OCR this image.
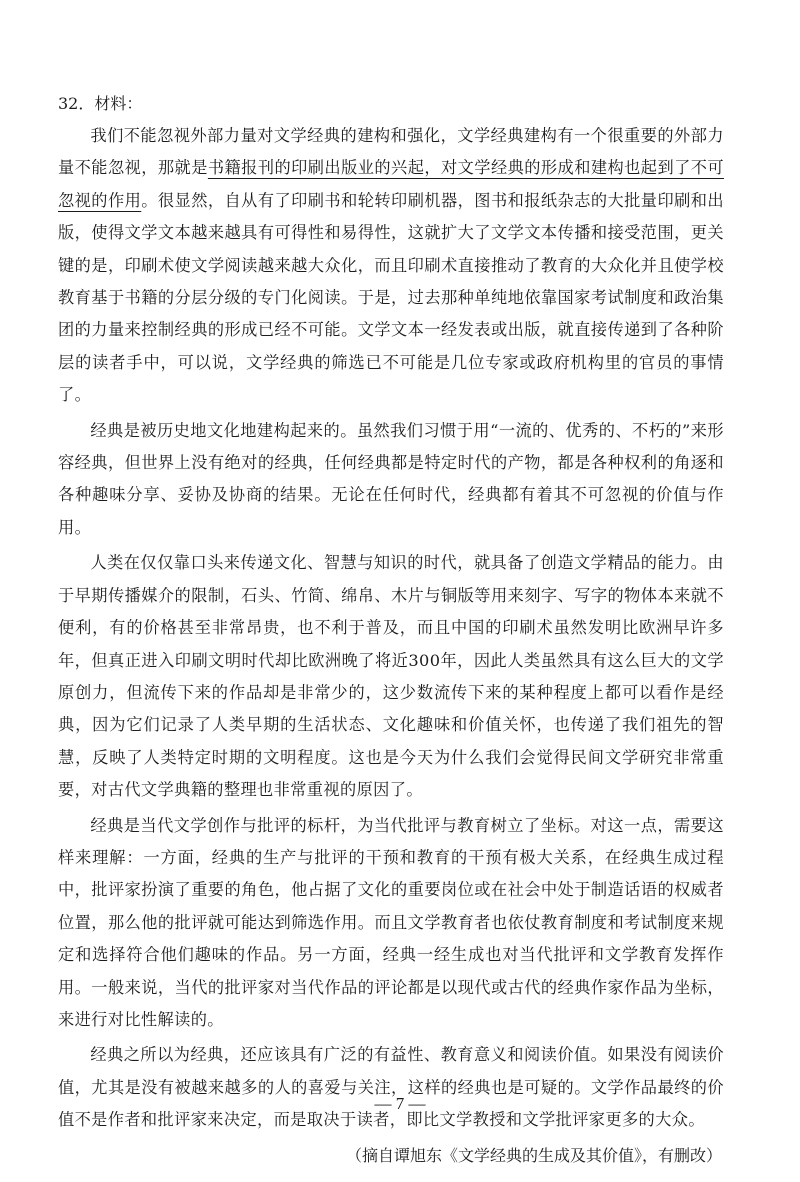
32．材料：

我们不能忽视外部力量对文学经典的建构和强化，文学经典建构有一个很重要的外部力量不能忽视，那就是书籍报刊的印刷出版业的兴起，对文学经典的形成和建构也起到了不可忽视的作用。很显然，自从有了印刷书和轮转印刷机器，图书和报纸杂志的大批量印刷和出版，使得文学文本越来越具有可得性和易得性，这就扩大了文学文本传播和接受范围，更关键的是，印刷术使文学阅读越来越大众化，而且印刷术直接推动了教育的大众化并且使学校教育基于书籍的分层分级的专门化阅读。于是，过去那种单纯地依靠国家考试制度和政治集团的力量来控制经典的形成已经不可能。文学文本一经发表或出版，就直接传递到了各种阶层的读者手中，可以说，文学经典的筛选已不可能是几位专家或政府机构里的官员的事情了。

经典是被历史地文化地建构起来的。虽然我们习惯于用“一流的、优秀的、不朽的”来形容经典，但世界上没有绝对的经典，任何经典都是特定时代的产物，都是各种权利的角逐和各种趣味分享、妥协及协商的结果。无论在任何时代，经典都有着其不可忽视的价值与作用。

人类在仅仅靠口头来传递文化、智慧与知识的时代，就具备了创造文学精品的能力。由于早期传播媒介的限制，石头、竹简、绵帛、木片与铜版等用来刻字、写字的物体本来就不便利，有的价格甚至非常昂贵，也不利于普及，而且中国的印刷术虽然发明比欧洲早许多年，但真正进入印刷文明时代却比欧洲晚了将近300年，因此人类虽然具有这么巨大的文学原创力，但流传下来的作品却是非常少的，这少数流传下来的某种程度上都可以看作是经典，因为它们记录了人类早期的生活状态、文化趣味和价值关怀，也传递了我们祖先的智慧，反映了人类特定时期的文明程度。这也是今天为什么我们会觉得民间文学研究非常重要，对古代文学典籍的整理也非常重视的原因了。

经典是当代文学创作与批评的标杆，为当代批评与教育树立了坐标。对这一点，需要这样来理解：一方面，经典的生产与批评的干预和教育的干预有极大关系，在经典生成过程中，批评家扮演了重要的角色，他占据了文化的重要岗位或在社会中处于制造话语的权威者位置，那么他的批评就可能达到筛选作用。而且文学教育者也依仗教育制度和考试制度来规定和选择符合他们趣味的作品。另一方面，经典一经生成也对当代批评和文学教育发挥作用。一般来说，当代的批评家对当代作品的评论都是以现代或古代的经典作家作品为坐标，来进行对比性解读的。

经典之所以为经典，还应该具有广泛的有益性、教育意义和阅读价值。如果没有阅读价值，尤其是没有被越来越多的人的喜爱与关注，这样的经典也是可疑的。文学作品最终的价值不是作者和批评家来决定，而是取决于读者，即比文学教授和文学批评家更多的大众。

（摘自谭旭东《文学经典的生成及其价值》，有删改）

— 7 —
